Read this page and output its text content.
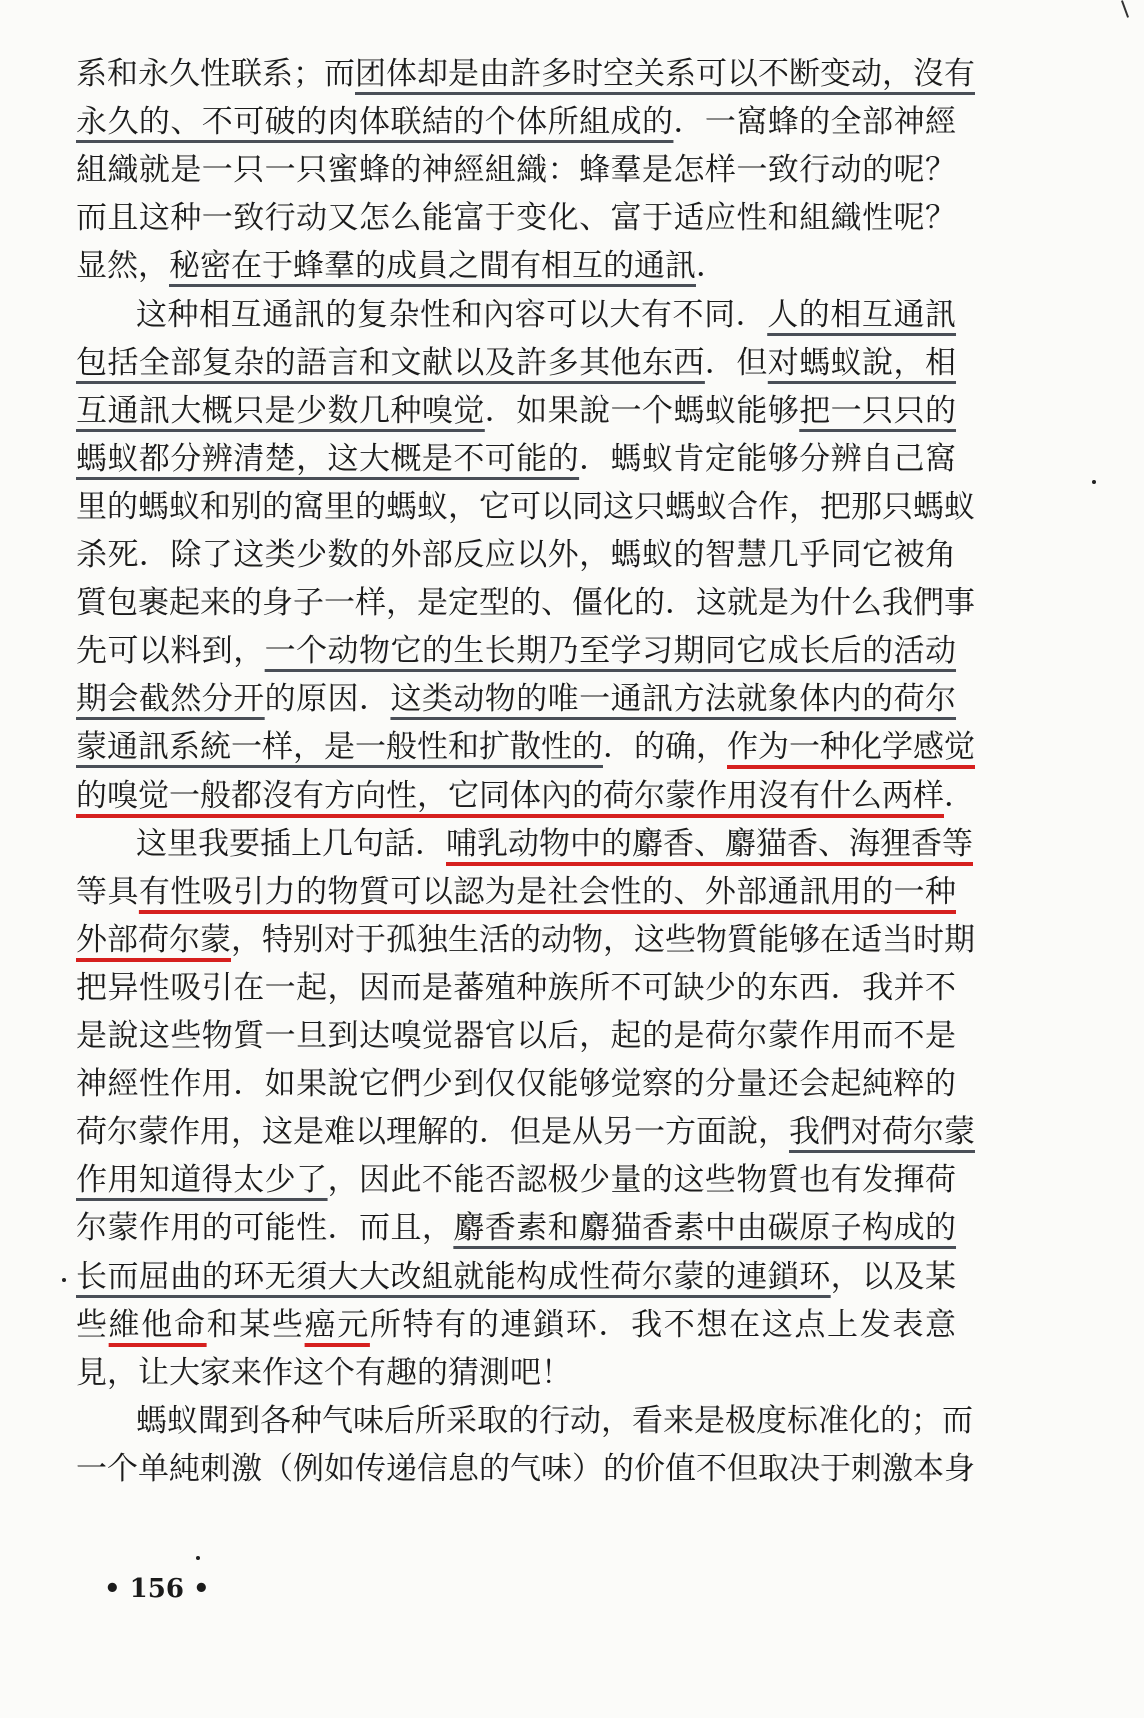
系和永久性联系；而团体却是由許多时空关系可以不断变动，沒有
永久的、不可破的肉体联結的个体所組成的．一窩蜂的全部神經
組織就是一只一只蜜蜂的神經組織：蜂羣是怎样一致行动的呢？
而且这种一致行动又怎么能富于变化、富于适应性和組織性呢？
显然，秘密在于蜂羣的成員之間有相互的通訊．
这种相互通訊的复杂性和內容可以大有不同．人的相互通訊
包括全部复杂的語言和文献以及許多其他东西．但对螞蚁說，相
互通訊大概只是少数几种嗅觉．如果說一个螞蚁能够把一只只的
螞蚁都分辨清楚，这大概是不可能的．螞蚁肯定能够分辨自己窩
里的螞蚁和别的窩里的螞蚁，它可以同这只螞蚁合作，把那只螞蚁
杀死．除了这类少数的外部反应以外，螞蚁的智慧几乎同它被角
質包裹起来的身子一样，是定型的、僵化的．这就是为什么我們事
先可以料到，一个动物它的生长期乃至学习期同它成长后的活动
期会截然分开的原因．这类动物的唯一通訊方法就象体内的荷尔
蒙通訊系統一样，是一般性和扩散性的．的确，作为一种化学感觉
的嗅觉一般都沒有方向性，它同体內的荷尔蒙作用沒有什么两样．
这里我要插上几句話．哺乳动物中的麝香、麝猫香、海狸香等
等具有性吸引力的物質可以認为是社会性的、外部通訊用的一种
外部荷尔蒙，特别对于孤独生活的动物，这些物質能够在适当时期
把异性吸引在一起，因而是蕃殖种族所不可缺少的东西．我并不
是說这些物質一旦到达嗅觉器官以后，起的是荷尔蒙作用而不是
神經性作用．如果說它們少到仅仅能够觉察的分量还会起純粹的
荷尔蒙作用，这是难以理解的．但是从另一方面說，我們对荷尔蒙
作用知道得太少了，因此不能否認极少量的这些物質也有发揮荷
尔蒙作用的可能性．而且，麝香素和麝猫香素中由碳原子构成的
长而屈曲的环无須大大改組就能构成性荷尔蒙的連鎖环，以及某
些維他命和某些癌元所特有的連鎖环．我不想在这点上发表意
見，让大家来作这个有趣的猜測吧！
螞蚁聞到各种气味后所采取的行动，看来是极度标准化的；而
一个单純刺激（例如传递信息的气味）的价值不但取决于刺激本身
• 156 •
